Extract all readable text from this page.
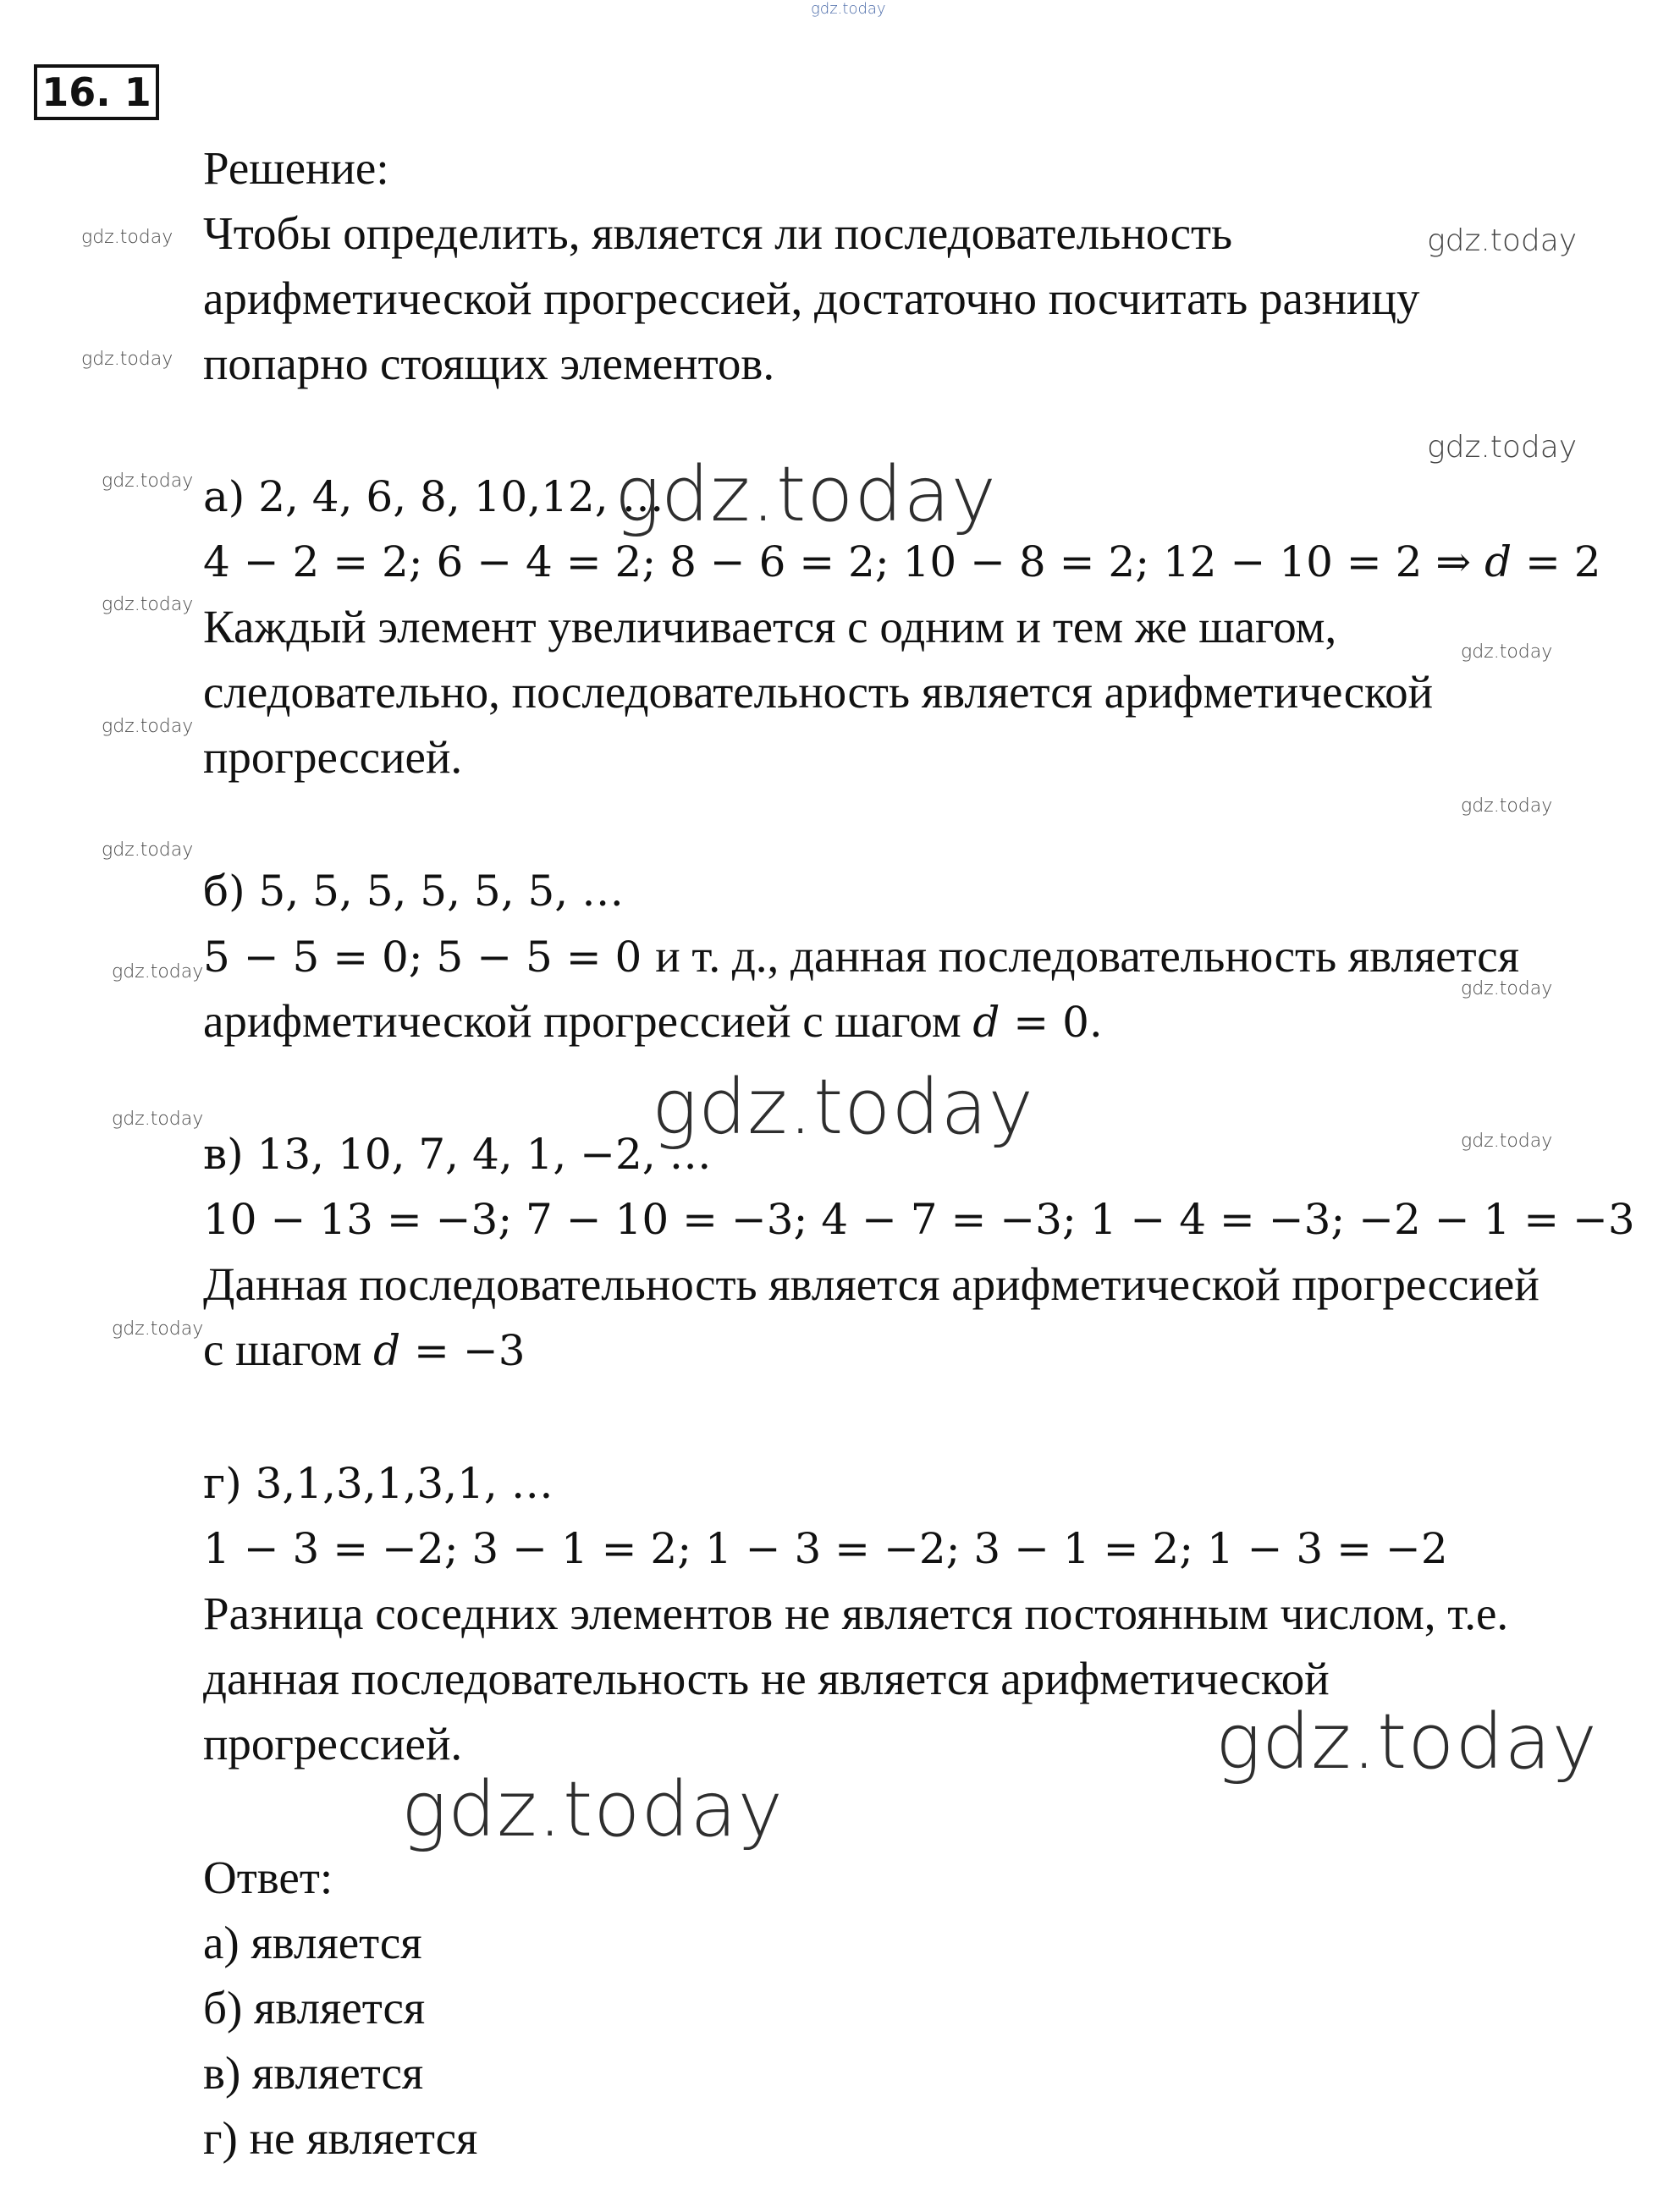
gdz.today
16. 1
Решение:
Чтобы определить, является ли последовательность
арифметической прогрессией, достаточно посчитать разницу
попарно стоящих элементов.
а) 2, 4, 6, 8, 10,12, …
4 − 2 = 2; 6 − 4 = 2; 8 − 6 = 2; 10 − 8 = 2; 12 − 10 = 2 ⇒ d = 2
Каждый элемент увеличивается с одним и тем же шагом,
следовательно, последовательность является арифметической
прогрессией.
б) 5, 5, 5, 5, 5, 5, …
5 − 5 = 0; 5 − 5 = 0 и т. д., данная последовательность является
арифметической прогрессией с шагом d = 0.
в) 13, 10, 7, 4, 1, −2, …
10 − 13 = −3; 7 − 10 = −3; 4 − 7 = −3; 1 − 4 = −3; −2 − 1 = −3
Данная последовательность является арифметической прогрессией
с шагом d = −3
г) 3,1,3,1,3,1, …
1 − 3 = −2; 3 − 1 = 2; 1 − 3 = −2; 3 − 1 = 2; 1 − 3 = −2
Разница соседних элементов не является постоянным числом, т.е.
данная последовательность не является арифметической
прогрессией.
Ответ:
а) является
б) является
в) является
г) не является
gdz.today
gdz.today
gdz.today
gdz.today
gdz.today
gdz.today
gdz.today
gdz.today
gdz.today
gdz.today
gdz.today
gdz.today
gdz.today
gdz.today
gdz.today
gdz.today
gdz.today
gdz.today
gdz.today
